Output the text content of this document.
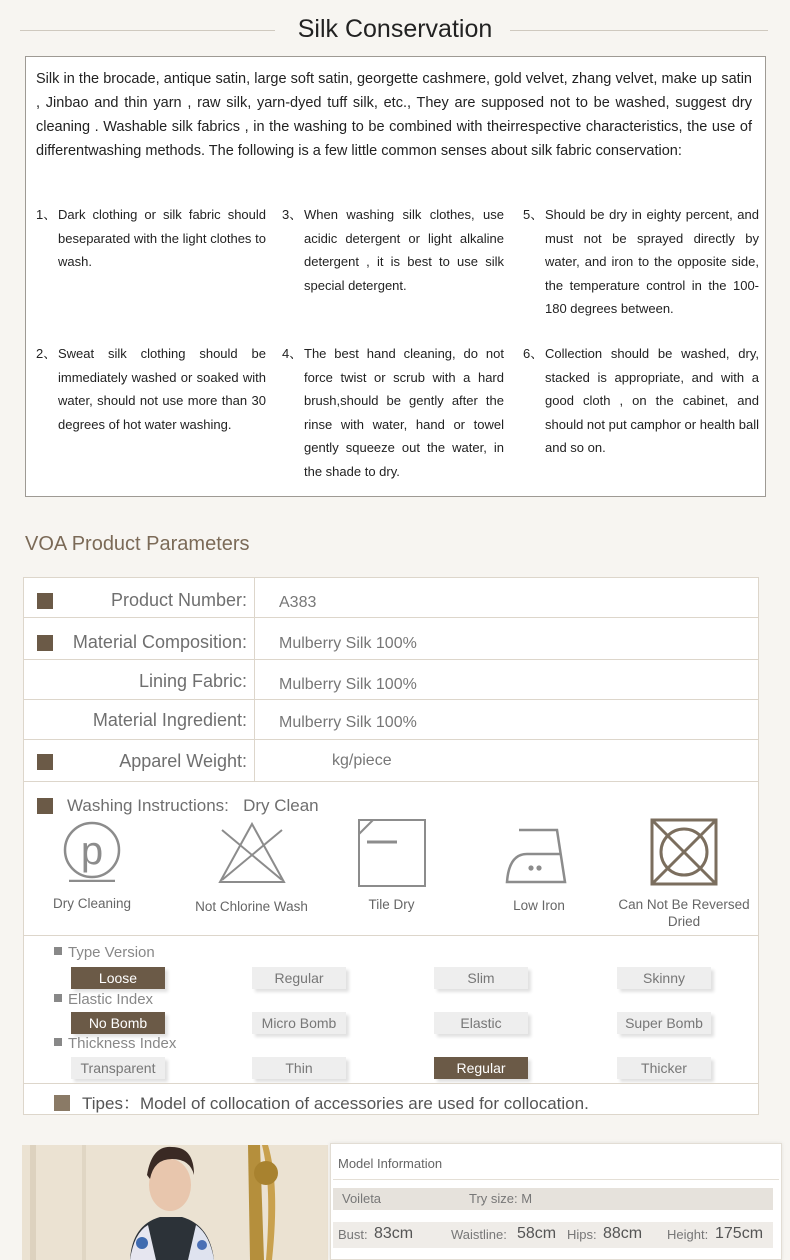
Silk Conservation

Silk in the brocade, antique satin, large soft satin, georgette cashmere, gold velvet, zhang velvet, make up satin , Jinbao and thin yarn , raw silk, yarn-dyed tuff silk, etc., They are supposed not to be washed, suggest dry cleaning . Washable silk fabrics , in the washing to be combined with theirrespective characteristics, the use of differentwashing methods. The following is a few little common senses about silk fabric conservation:

1、 Dark clothing or silk fabric should beseparated with the light clothes to wash.
3、 When washing silk clothes, use acidic detergent or light alkaline detergent , it is best to use silk special detergent.
5、 Should be dry in eighty percent, and must not be sprayed directly by water, and iron to the opposite side, the temperature control in the 100-180 degrees between.
2、 Sweat silk clothing should be immediately washed or soaked with water, should not use more than 30 degrees of hot water washing.
4、 The best hand cleaning, do not force twist or scrub with a hard brush,should be gently after the rinse with water, hand or towel gently squeeze out the water, in the shade to dry.
6、 Collection should be washed, dry, stacked is appropriate, and with a good cloth , on the cabinet, and should not put camphor or health ball and so on.
VOA Product Parameters
Product Number: A383
Material Composition: Mulberry Silk 100%
Lining Fabric: Mulberry Silk 100%
Material Ingredient: Mulberry Silk 100%
Apparel Weight:	kg/piece
Washing Instructions: Dry Clean
p
Dry Cleaning	Not Chlorine Wash	Tile Dry	Low Iron	Can Not Be Reversed Dried
Type Version
Loose	Regular	Slim	Skinny
Elastic Index
No Bomb	Micro Bomb	Elastic	Super Bomb
Thickness Index
Transparent	Thin	Regular	Thicker
Tipes：Model of collocation of accessories are used for collocation.
Model Information
Voileta	Try size: M
Bust: 83cm	Waistline: 58cm Hips: 88cm Height: 175cm
